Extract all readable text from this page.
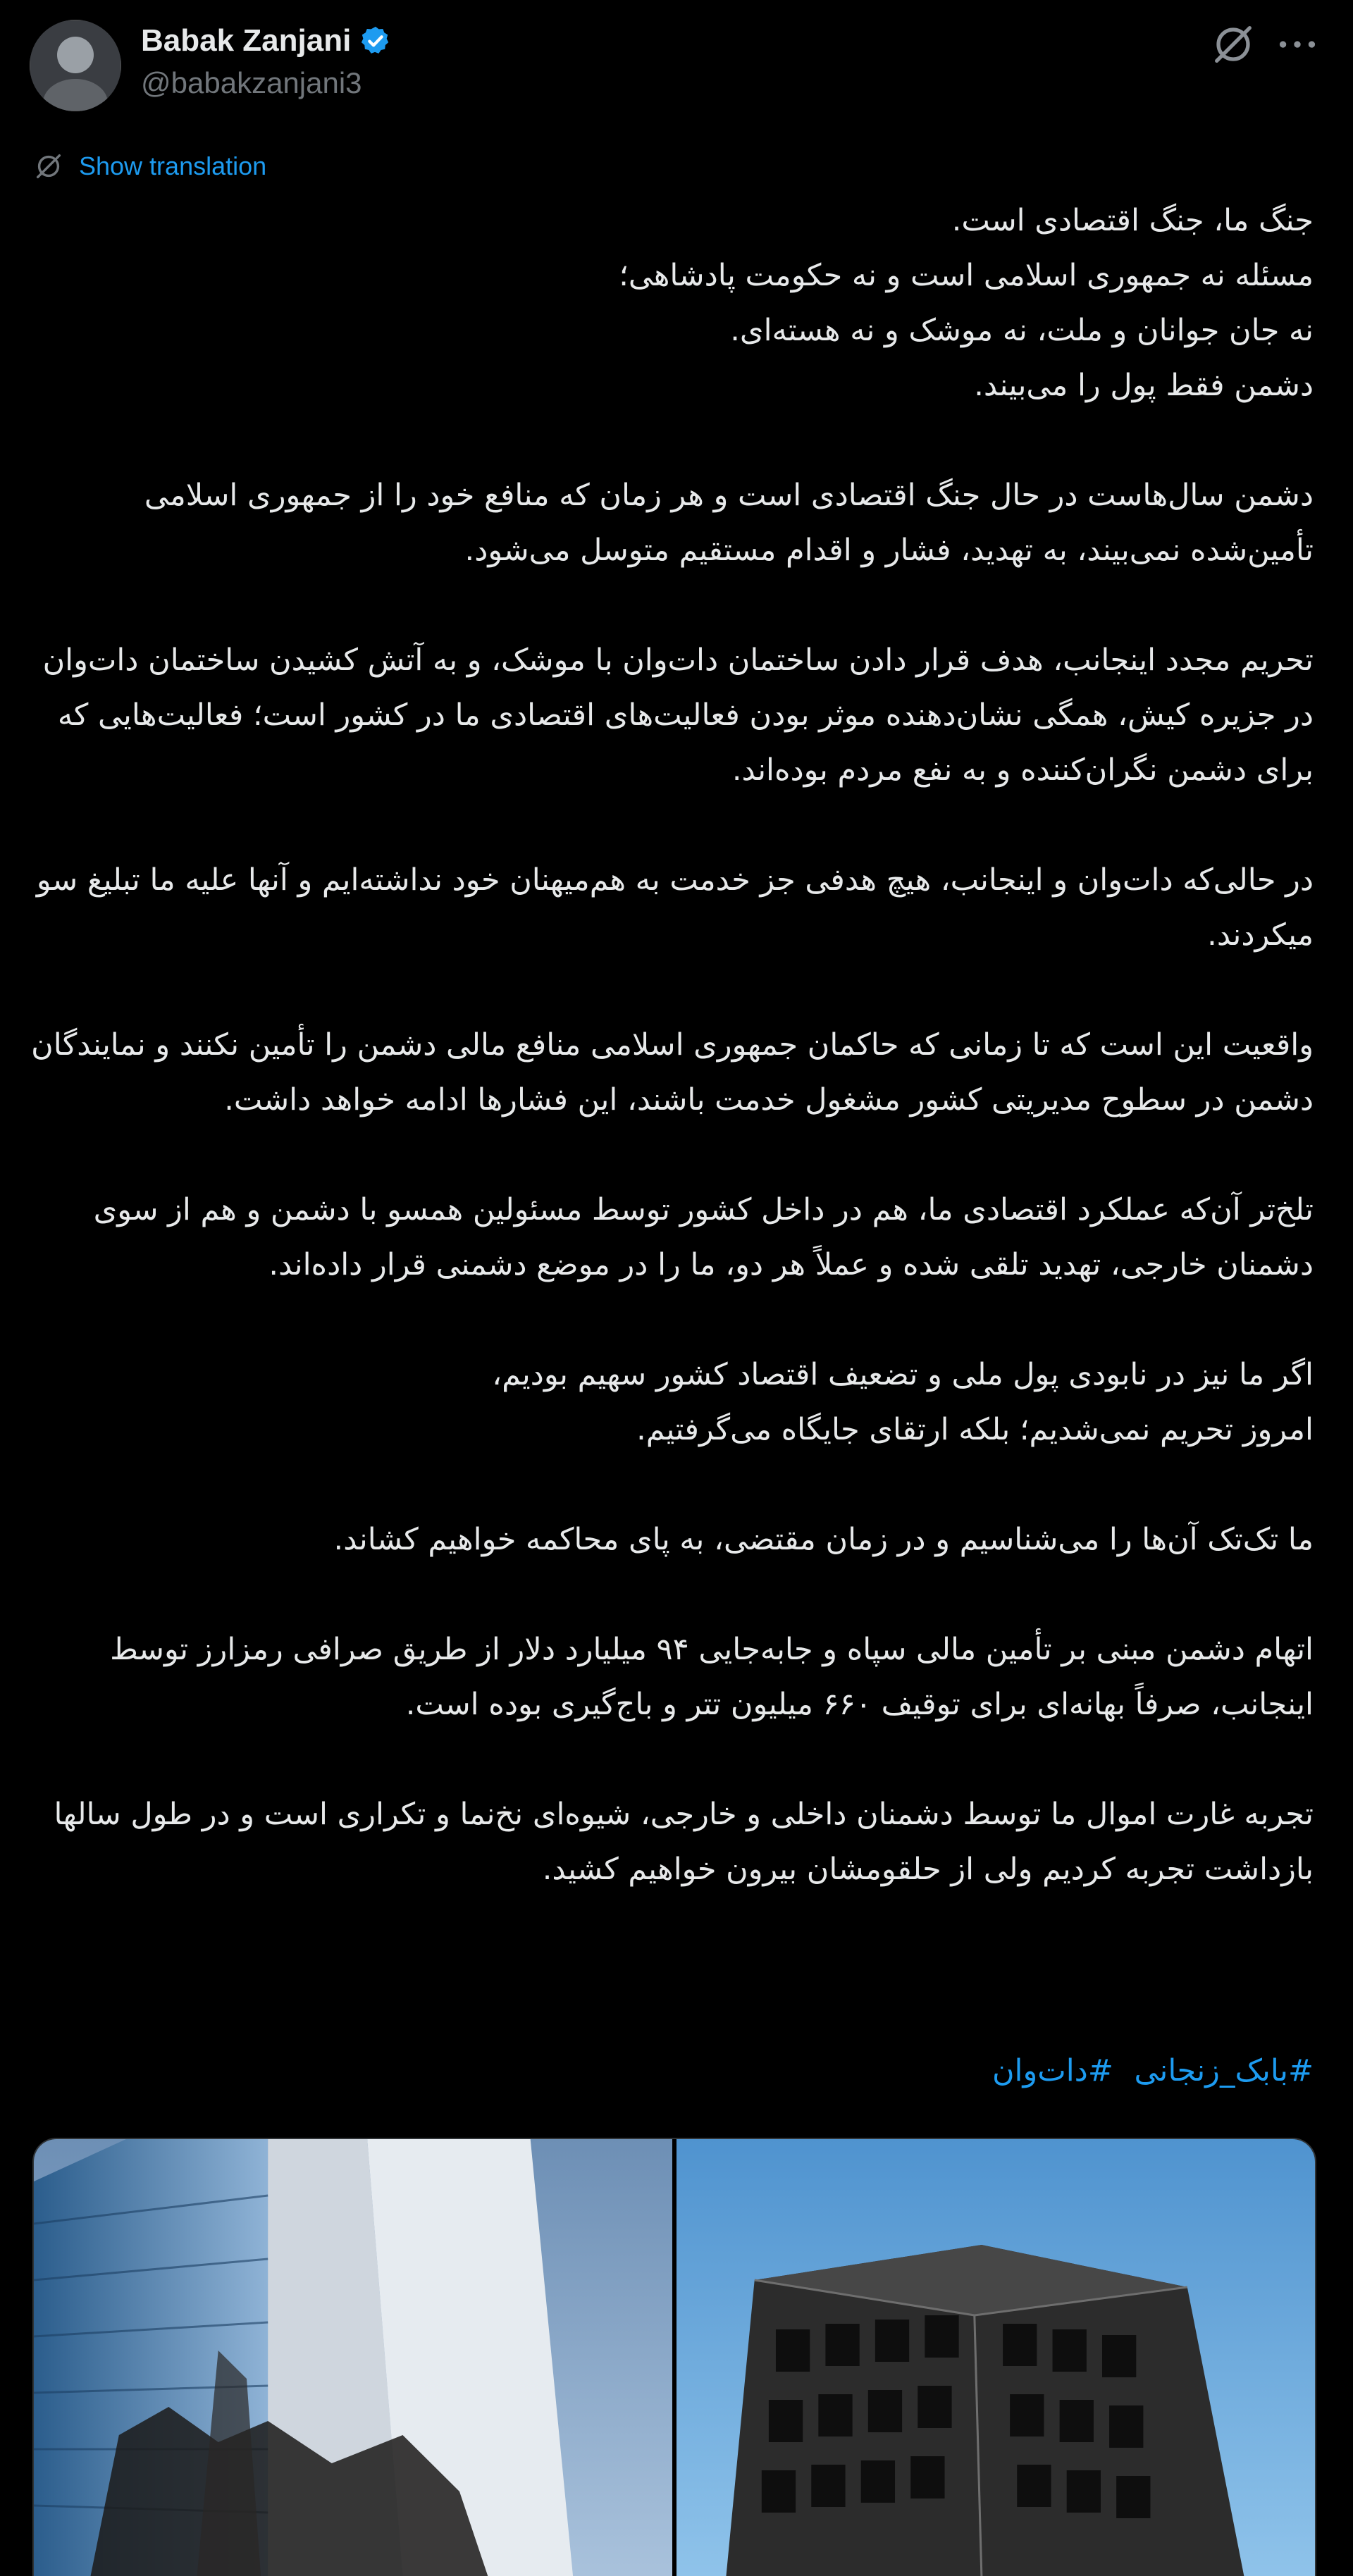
Babak Zanjani
@babakzanjani3
Show translation

جنگ ما، جنگ اقتصادی است.
مسئله نه جمهوری اسلامی است و نه حکومت پادشاهی؛
نه جان جوانان و ملت، نه موشک و نه هسته‌ای.
دشمن فقط پول را می‌بیند.

دشمن سال‌هاست در حال جنگ اقتصادی است و هر زمان که منافع خود را از جمهوری اسلامی تأمین‌شده نمی‌بیند، به تهدید، فشار و اقدام مستقیم متوسل می‌شود.

تحریم مجدد اینجانب، هدف قرار دادن ساختمان دات‌وان با موشک، و به آتش کشیدن ساختمان دات‌وان در جزیره کیش، همگی نشان‌دهنده موثر بودن فعالیت‌های اقتصادی ما در کشور است؛ فعالیت‌هایی که برای دشمن نگران‌کننده و به نفع مردم بوده‌اند.

در حالی‌که دات‌وان و اینجانب، هیچ هدفی جز خدمت به هم‌میهنان خود نداشته‌ایم و آنها علیه ما تبلیغ سو میکردند.

واقعیت این است که تا زمانی که حاکمان جمهوری اسلامی منافع مالی دشمن را تأمین نکنند و نمایندگان دشمن در سطوح مدیریتی کشور مشغول خدمت باشند، این فشارها ادامه خواهد داشت.

تلخ‌تر آن‌که عملکرد اقتصادی ما، هم در داخل کشور توسط مسئولین همسو با دشمن و هم از سوی دشمنان خارجی، تهدید تلقی شده و عملاً هر دو، ما را در موضع دشمنی قرار داده‌اند.

اگر ما نیز در نابودی پول ملی و تضعیف اقتصاد کشور سهیم بودیم،
امروز تحریم نمی‌شدیم؛ بلکه ارتقای جایگاه می‌گرفتیم.

ما تک‌تک آن‌ها را می‌شناسیم و در زمان مقتضی، به پای محاکمه خواهیم کشاند.

اتهام دشمن مبنی بر تأمین مالی سپاه و جابه‌جایی ۹۴ میلیارد دلار از طریق صرافی رمزارز توسط اینجانب، صرفاً بهانه‌ای برای توقیف ۶۶۰ میلیون تتر و باج‌گیری بوده است.

تجربه غارت اموال ما توسط دشمنان داخلی و خارجی، شیوه‌ای نخ‌نما و تکراری است و در طول سالها بازداشت تجربه کردیم ولی از حلقومشان بیرون خواهیم کشید.

#بابک_زنجانی #دات‌وان
